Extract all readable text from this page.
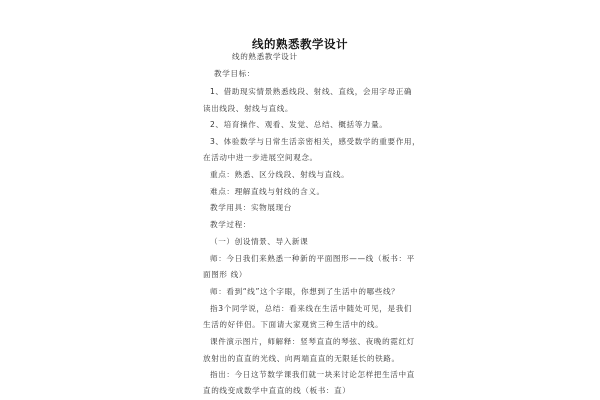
线的熟悉教学设计
线的熟悉教学设计
教学目标：
1、借助现实情景熟悉线段、射线、直线，会用字母正确
读出线段、射线与直线。
2、培育操作、观看、发觉、总结、概括等力量。
3、体验数学与日常生活亲密相关，感受数学的重要作用，
在活动中进一步进展空间观念。
重点：熟悉、区分线段、射线与直线。
难点：理解直线与射线的含义。
教学用具：实物展现台
教学过程：
（一）创设情景、导入新课
师：今日我们来熟悉一种新的平面图形——线（板书：平
面图形 线）
师：看到“线”这个字眼，你想到了生活中的哪些线？
指3个同学说，总结：看来线在生活中随处可见，是我们
生活的好伴侣。下面请大家观赏三种生活中的线。
课件演示图片，师解释：竖琴直直的琴弦、夜晚的霓红灯
放射出的直直的光线、向两端直直的无限延长的铁路。
指出：今日这节数学课我们就一块来讨论怎样把生活中直
直的线变成数学中直直的线（板书：直）
